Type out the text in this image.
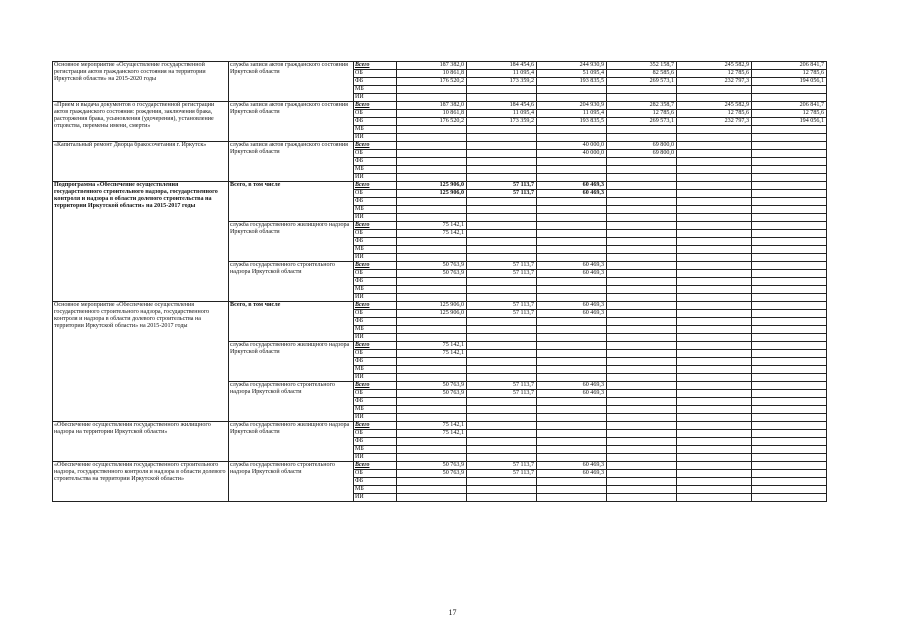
Основное мероприятие «Осуществление государственной регистрации актов гражданского состояния на территории Иркутской области» на 2015-2020 годы	служба записи актов гражданского состояния Иркутской области	Всего	187 382,0	184 454,6	244 930,9	352 158,7	245 582,9	206 841,7
		ОБ	10 861,8	11 095,4	51 095,4	82 585,6	12 785,6	12 785,6
		ФБ	176 520,2	173 359,2	193 835,5	269 573,1	232 797,3	194 056,1
		МБ						
		ИИ						
«Прием и выдача документов о государственной регистрации актов гражданского состояния: рождения, заключения брака, расторжения брака, усыновления (удочерения), установление отцовства, перемены имени, смерти»	служба записи актов гражданского состояния Иркутской области	Всего	187 382,0	184 454,6	204 930,9	282 358,7	245 582,9	206 841,7
		ОБ	10 861,8	11 095,4	11 095,4	12 785,6	12 785,6	12 785,6
		ФБ	176 520,2	173 359,2	193 835,5	269 573,1	232 797,3	194 056,1
		МБ						
		ИИ						
«Капитальный ремонт Дворца бракосочетания г. Иркутск»	служба записи актов гражданского состояния Иркутской области	Всего			40 000,0	69 800,0		
		ОБ			40 000,0	69 800,0		
		ФБ						
		МБ						
		ИИ						
Подпрограмма «Обеспечение осуществления государственного строительного надзора, государственного контроля и надзора в области долевого строительства на территории Иркутской области» на 2015-2017 годы	Всего, в том числе	Всего	125 906,0	57 113,7	60 469,3			
		ОБ	125 906,0	57 113,7	60 469,3			
		ФБ						
		МБ						
		ИИ						
	служба государственного жилищного надзора Иркутской области	Всего	75 142,1					
		ОБ	75 142,1					
		ФБ						
		МБ						
		ИИ						
	служба государственного строительного надзора Иркутской области	Всего	50 763,9	57 113,7	60 469,3			
		ОБ	50 763,9	57 113,7	60 469,3			
		ФБ						
		МБ						
		ИИ						
Основное мероприятие «Обеспечение осуществления государственного строительного надзора, государственного контроля и надзора в области долевого строительства на территории Иркутской области» на 2015-2017 годы	Всего, в том числе	Всего	125 906,0	57 113,7	60 469,3			
		ОБ	125 906,0	57 113,7	60 469,3			
		ФБ						
		МБ						
		ИИ						
	служба государственного жилищного надзора Иркутской области	Всего	75 142,1					
		ОБ	75 142,1					
		ФБ						
		МБ						
		ИИ						
	служба государственного строительного надзора Иркутской области	Всего	50 763,9	57 113,7	60 469,3			
		ОБ	50 763,9	57 113,7	60 469,3			
		ФБ						
		МБ						
		ИИ						
«Обеспечение осуществления государственного жилищного надзора на территории Иркутской области»	служба государственного жилищного надзора Иркутской области	Всего	75 142,1					
		ОБ	75 142,1					
		ФБ						
		МБ						
		ИИ						
«Обеспечение осуществления государственного строительного надзора, государственного контроля и надзора в области долевого строительства на территории Иркутской области»	служба государственного строительного надзора Иркутской области	Всего	50 763,9	57 113,7	60 469,3			
		ОБ	50 763,9	57 113,7	60 469,3			
		ФБ						
		МБ						
		ИИ						
17
